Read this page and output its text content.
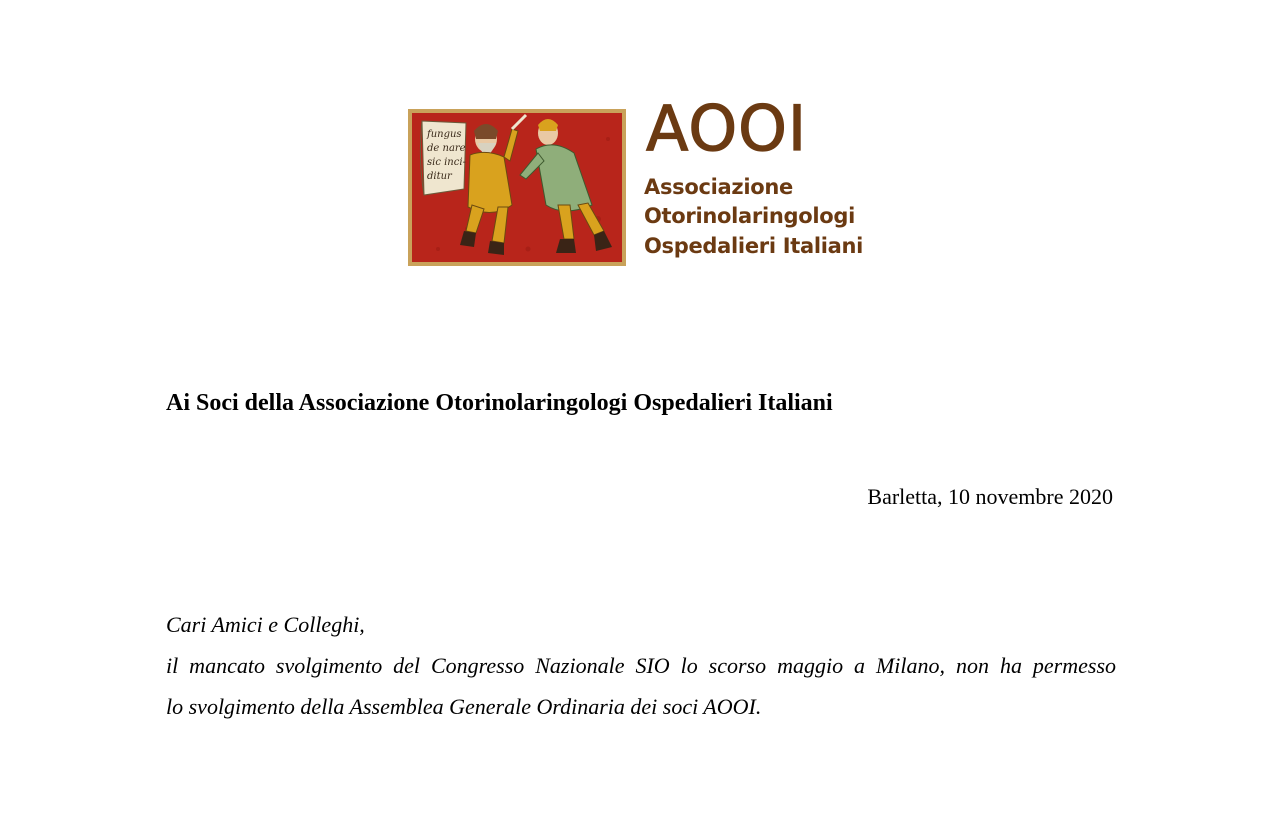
fungus
de nare
sic inci-
ditur
AOOI
Associazione
Otorinolaringologi
Ospedalieri Italiani
Ai Soci della Associazione Otorinolaringologi Ospedalieri Italiani
Barletta, 10 novembre 2020

Cari Amici e Colleghi,

il mancato svolgimento del Congresso Nazionale SIO lo scorso maggio a Milano, non ha permesso

lo svolgimento della Assemblea Generale Ordinaria dei soci AOOI.
